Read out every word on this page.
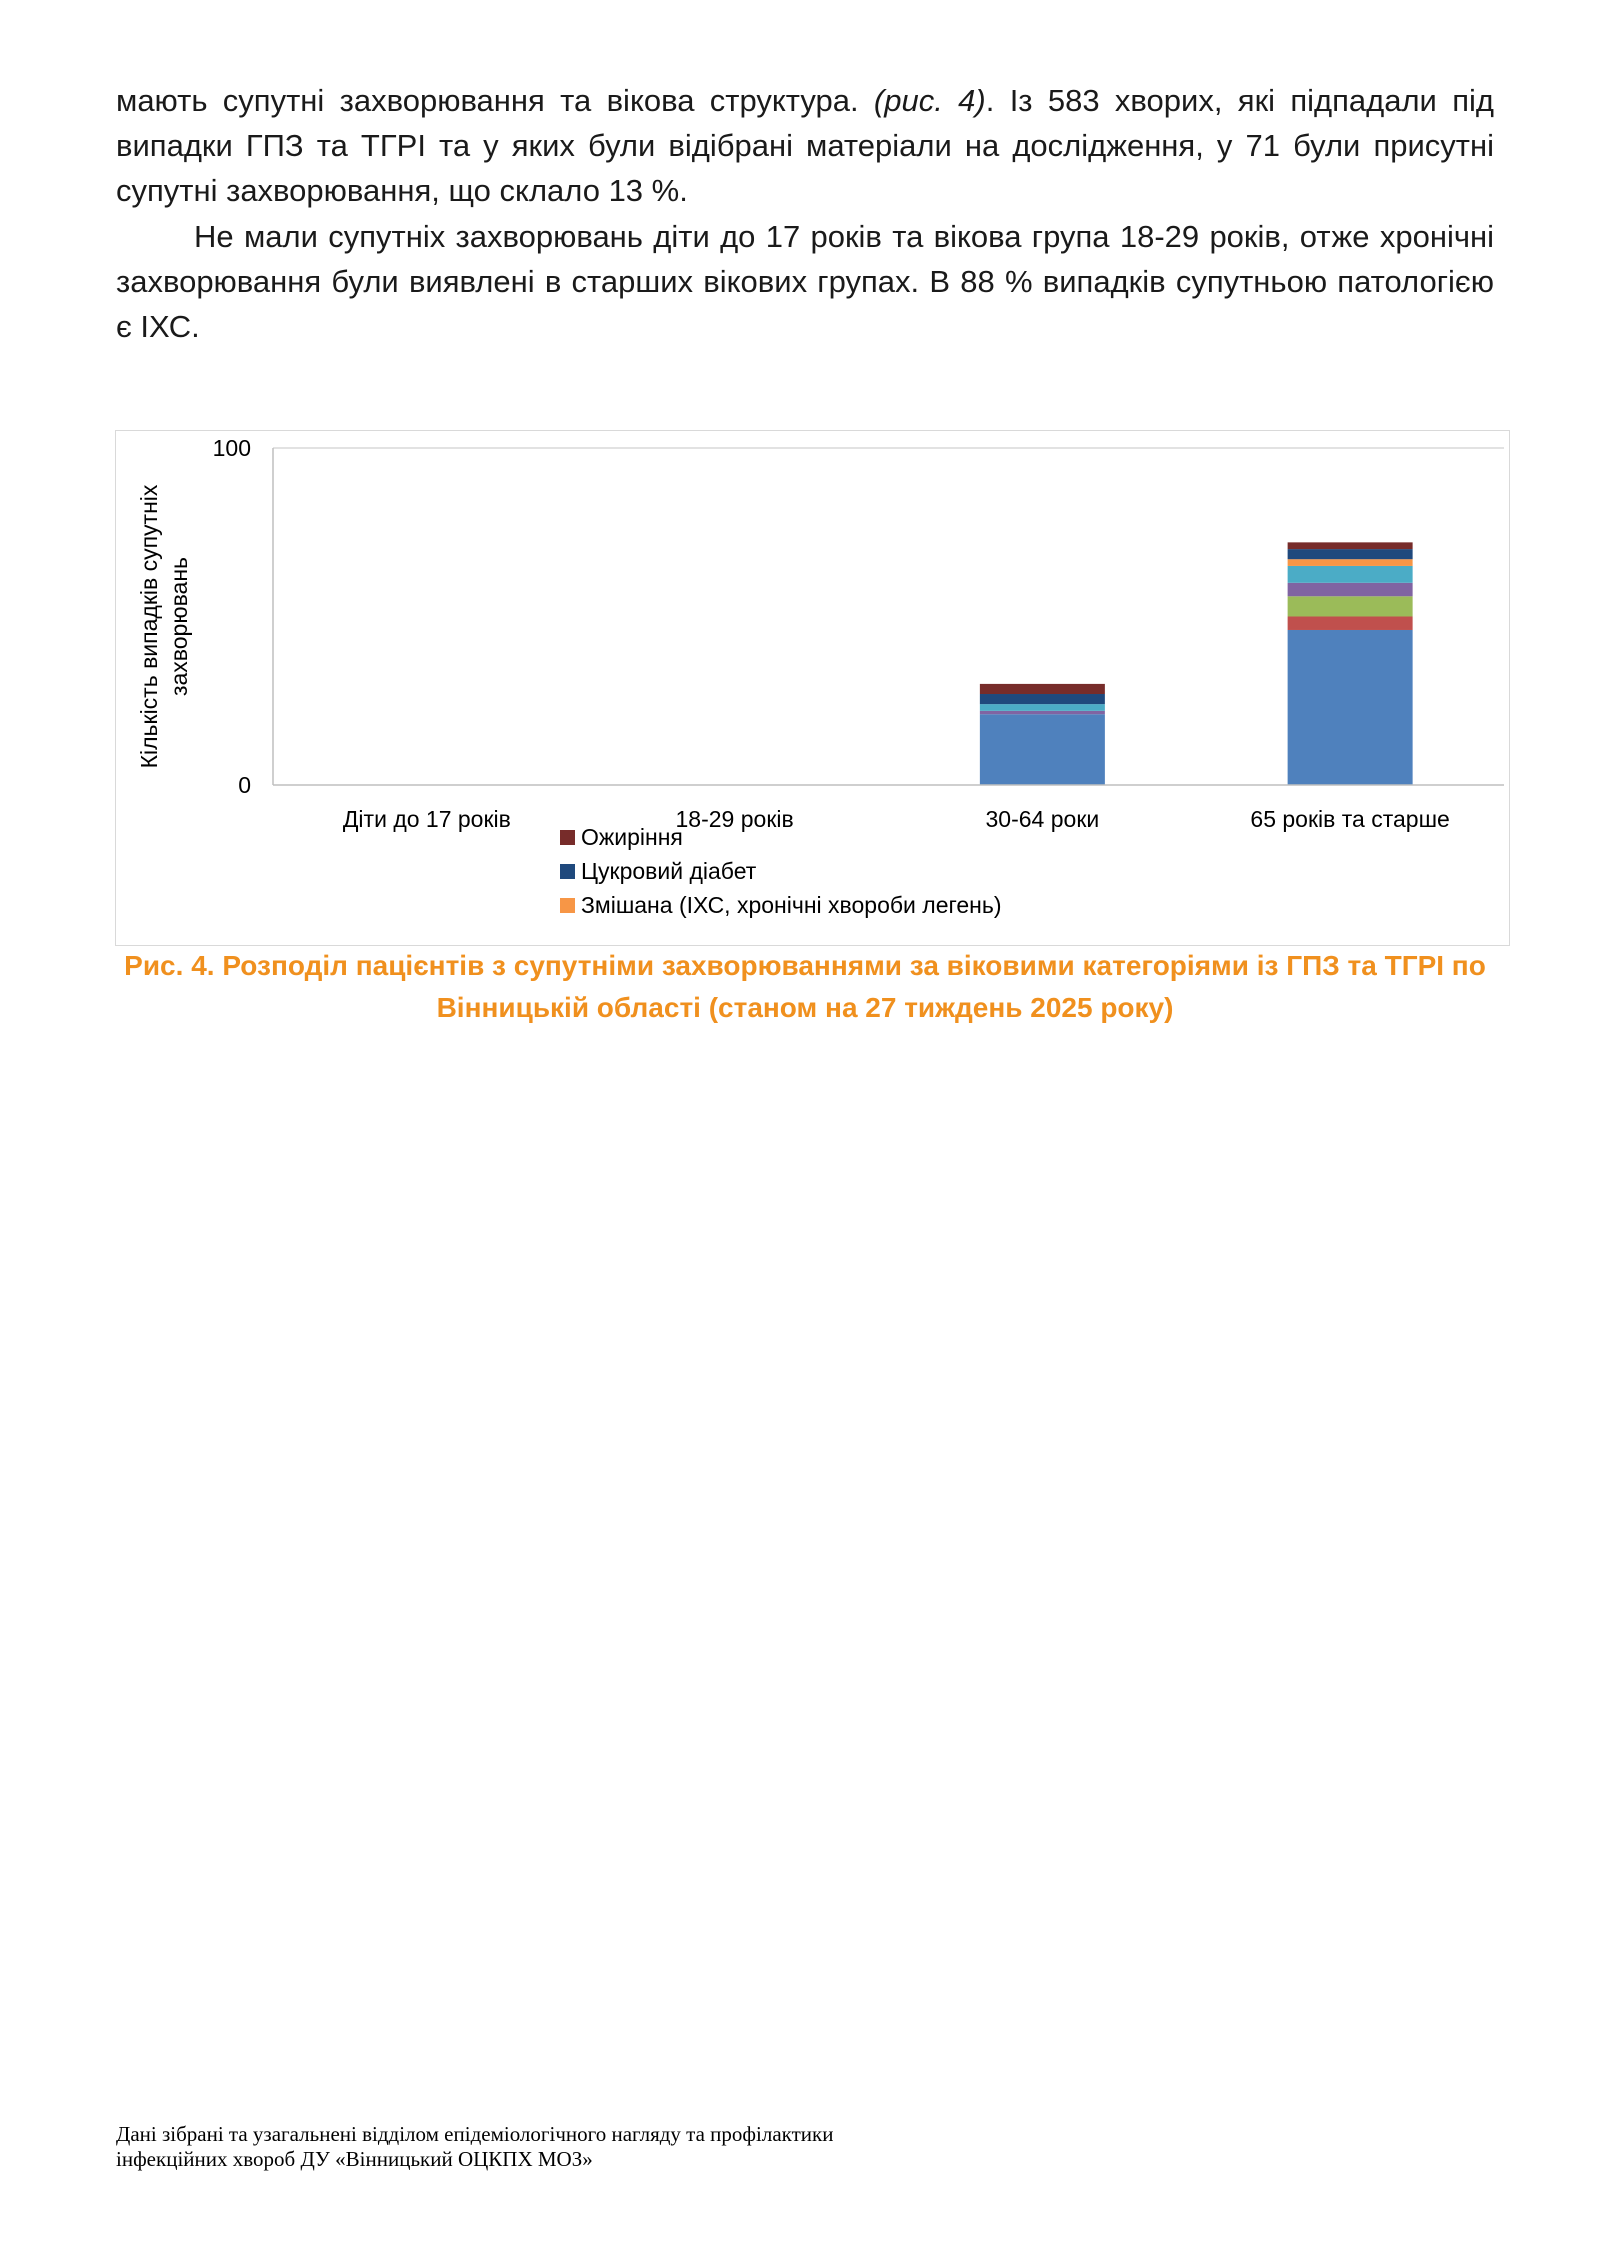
мають супутні захворювання та вікова структура. (рис. 4). Із 583 хворих, які підпадали під випадки ГПЗ та ТГРІ та у яких були відібрані матеріали на дослідження, у 71 були присутні супутні захворювання, що склало 13 %.

Не мали супутніх захворювань діти до 17 років та вікова група 18-29 років, отже хронічні захворювання були виявлені в старших вікових групах. В 88 % випадків супутньою патологією є ІХС.

0
100
Діти до 17 років	18-29 років	30-64 роки	65 років та старше
Кількість випадків супутніх захворювань
Ожиріння
Цукровий діабет
Змішана (ІХС, хронічні хвороби легень)
Рис. 4. Розподіл пацієнтів з супутніми захворюваннями за віковими категоріями із ГПЗ та ТГРІ по
Вінницькій області (станом на 27 тиждень 2025 року)
Дані зібрані та узагальнені відділом епідеміологічного нагляду та профілактики
інфекційних хвороб ДУ «Вінницький ОЦКПХ МОЗ»
